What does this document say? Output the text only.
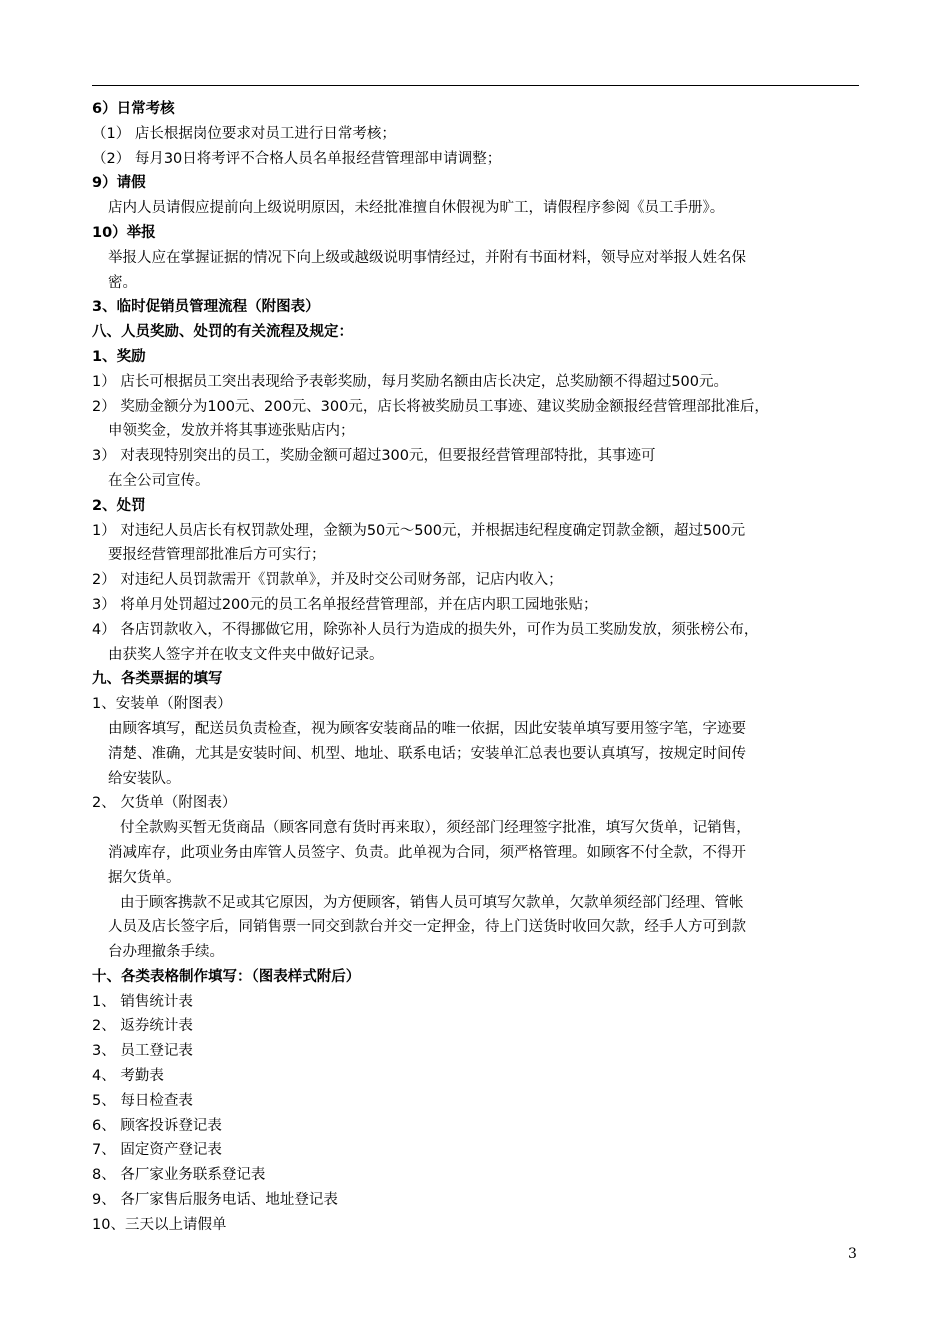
6）日常考核
（1） 店长根据岗位要求对员工进行日常考核；
（2） 每月30日将考评不合格人员名单报经营管理部申请调整；
9）请假
店内人员请假应提前向上级说明原因，未经批准擅自休假视为旷工，请假程序参阅《员工手册》。
10）举报
举报人应在掌握证据的情况下向上级或越级说明事情经过，并附有书面材料，领导应对举报人姓名保
密。
3、临时促销员管理流程（附图表）
八、人员奖励、处罚的有关流程及规定：
1、奖励
1） 店长可根据员工突出表现给予表彰奖励，每月奖励名额由店长决定，总奖励额不得超过500元。
2） 奖励金额分为100元、200元、300元，店长将被奖励员工事迹、建议奖励金额报经营管理部批准后，
申领奖金，发放并将其事迹张贴店内；
3） 对表现特别突出的员工，奖励金额可超过300元，但要报经营管理部特批，其事迹可
在全公司宣传。
2、处罚
1） 对违纪人员店长有权罚款处理，金额为50元～500元，并根据违纪程度确定罚款金额，超过500元
要报经营管理部批准后方可实行；
2） 对违纪人员罚款需开《罚款单》，并及时交公司财务部，记店内收入；
3） 将单月处罚超过200元的员工名单报经营管理部，并在店内职工园地张贴；
4） 各店罚款收入，不得挪做它用，除弥补人员行为造成的损失外，可作为员工奖励发放，须张榜公布，
由获奖人签字并在收支文件夹中做好记录。
九、各类票据的填写
1、安装单（附图表）
由顾客填写，配送员负责检查，视为顾客安装商品的唯一依据，因此安装单填写要用签字笔，字迹要
清楚、准确，尤其是安装时间、机型、地址、联系电话；安装单汇总表也要认真填写，按规定时间传
给安装队。
2、 欠货单（附图表）
付全款购买暂无货商品（顾客同意有货时再来取），须经部门经理签字批准，填写欠货单，记销售，
消减库存，此项业务由库管人员签字、负责。此单视为合同，须严格管理。如顾客不付全款，不得开
据欠货单。
由于顾客携款不足或其它原因，为方便顾客，销售人员可填写欠款单，欠款单须经部门经理、管帐
人员及店长签字后，同销售票一同交到款台并交一定押金，待上门送货时收回欠款，经手人方可到款
台办理撤条手续。
十、各类表格制作填写：（图表样式附后）
1、 销售统计表
2、 返券统计表
3、 员工登记表
4、 考勤表
5、 每日检查表
6、 顾客投诉登记表
7、 固定资产登记表
8、 各厂家业务联系登记表
9、 各厂家售后服务电话、地址登记表
10、三天以上请假单
3
